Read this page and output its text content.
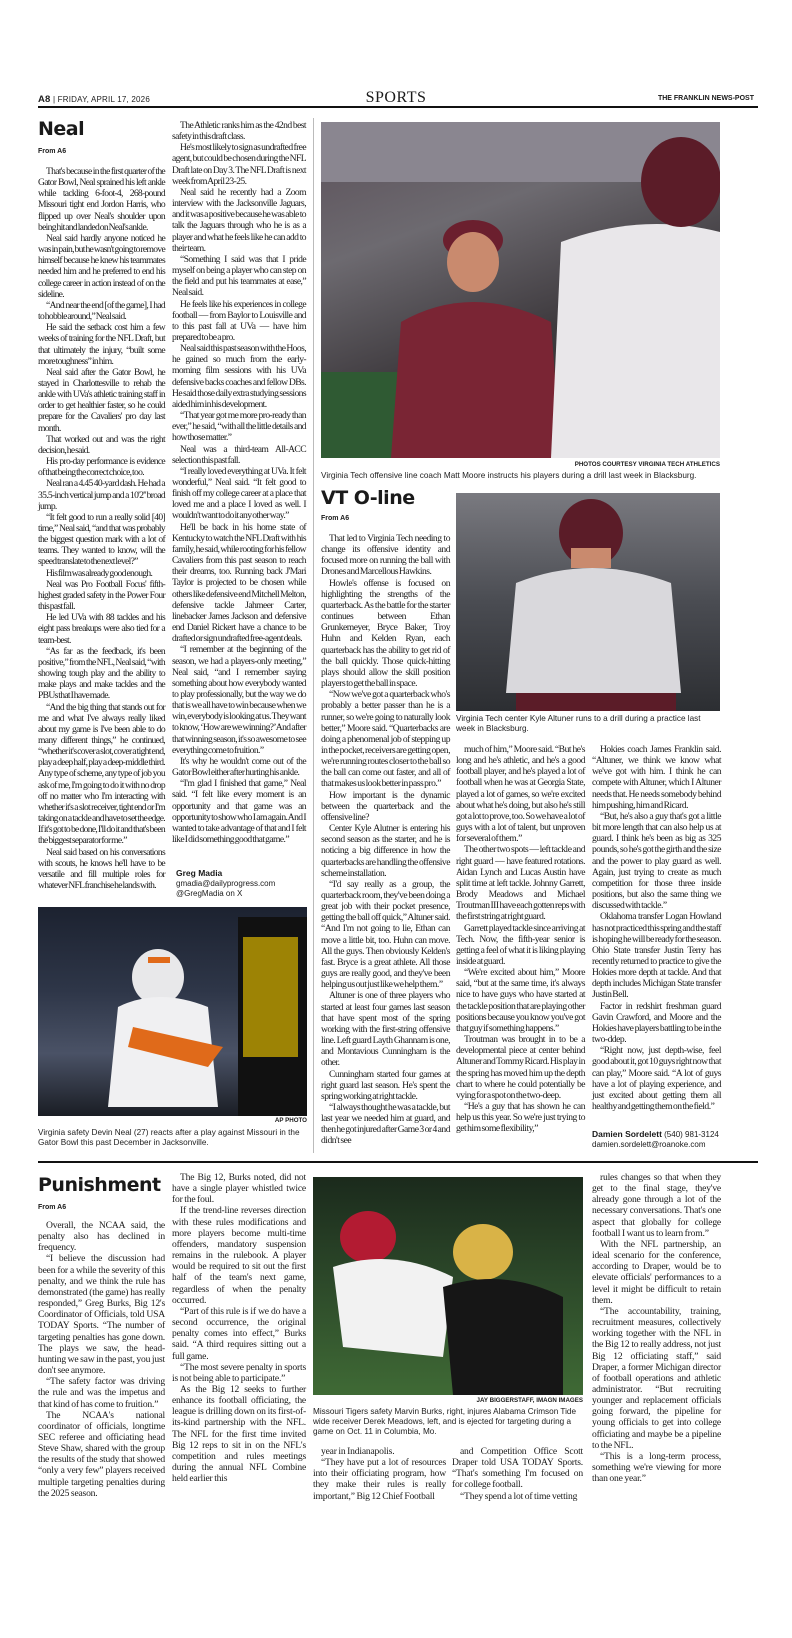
A8 | FRIDAY, APRIL 17, 2026	SPORTS	THE FRANKLIN NEWS-POST
Neal
From A6

That's because in the first quarter of the Gator Bowl, Neal sprained his left ankle while tackling 6-foot-4, 268-pound Missouri tight end Jordon Harris, who flipped up over Neal's shoulder upon being hit and landed on Neal's ankle.

Neal said hardly anyone noticed he was in pain, but he wasn't going to remove himself because he knew his teammates needed him and he preferred to end his college career in action instead of on the sideline.

“And near the end [of the game], I had to hobble around,” Neal said.

He said the setback cost him a few weeks of training for the NFL Draft, but that ultimately the injury, “built some more toughness” in him.

Neal said after the Gator Bowl, he stayed in Charlottesville to rehab the ankle with UVa's athletic training staff in order to get healthier faster, so he could prepare for the Cavaliers' pro day last month.

That worked out and was the right decision, he said.

His pro-day performance is evidence of that being the correct choice, too.

Neal ran a 4.45 40-yard dash. He had a 35.5-inch vertical jump and a 10'2'' broad jump.

“It felt good to run a really solid [40] time,” Neal said, “and that was probably the biggest question mark with a lot of teams. They wanted to know, will the speed translate to the next level?”

His film was already good enough.

Neal was Pro Football Focus' fifth-highest graded safety in the Power Four this past fall.

He led UVa with 88 tackles and his eight pass breakups were also tied for a team-best.

“As far as the feedback, it's been positive,” from the NFL, Neal said, “with showing tough play and the ability to make plays and make tackles and the PBUs that I have made.

“And the big thing that stands out for me and what I've always really liked about my game is I've been able to do many different things,” he continued, “whether it's cover a slot, cover a tight end, play a deep half, play a deep-middle third. Any type of scheme, any type of job you ask of me, I'm going to do it with no drop off no matter who I'm interacting with whether it's a slot receiver, tight end or I'm taking on a tackle and have to set the edge. If it's got to be done, I'll do it and that's been the biggest separator for me.”

Neal said based on his conversations with scouts, he knows he'll have to be versatile and fill multiple roles for whatever NFL franchise he lands with.

The Athletic ranks him as the 42nd best safety in this draft class.

He's most likely to sign as undrafted free agent, but could be chosen during the NFL Draft late on Day 3. The NFL Draft is next week from April 23-25.

Neal said he recently had a Zoom interview with the Jacksonville Jaguars, and it was a positive because he was able to talk the Jaguars through who he is as a player and what he feels like he can add to their team.

“Something I said was that I pride myself on being a player who can step on the field and put his teammates at ease,” Neal said.

He feels like his experiences in college football — from Baylor to Louisville and to this past fall at UVa — have him prepared to be a pro.

Neal said this past season with the Hoos, he gained so much from the early-morning film sessions with his UVa defensive backs coaches and fellow DBs. He said those daily extra studying sessions aided him in his development.

“That year got me more pro-ready than ever,” he said, “with all the little details and how those matter.”

Neal was a third-team All-ACC selection this past fall.

“I really loved everything at UVa. It felt wonderful,” Neal said. “It felt good to finish off my college career at a place that loved me and a place I loved as well. I wouldn't want to do it any other way.”

He'll be back in his home state of Kentucky to watch the NFL Draft with his family, he said, while rooting for his fellow Cavaliers from this past season to reach their dreams, too. Running back J'Mari Taylor is projected to be chosen while others like defensive end Mitchell Melton, defensive tackle Jahmeer Carter, linebacker James Jackson and defensive end Daniel Rickert have a chance to be drafted or sign undrafted free-agent deals.

“I remember at the beginning of the season, we had a players-only meeting,” Neal said, “and I remember saying something about how everybody wanted to play professionally, but the way we do that is we all have to win because when we win, everybody is looking at us. They want to know, ‘How are we winning?’ And after that winning season, it's so awesome to see everything come to fruition.”

It's why he wouldn't come out of the Gator Bowl either after hurting his ankle.

“I'm glad I finished that game,” Neal said. “I felt like every moment is an opportunity and that game was an opportunity to show who I am again. And I wanted to take advantage of that and I felt like I did something good that game.”

Greg Madia
gmadia@dailyprogress.com
@GregMadia on X
AP PHOTO
Virginia safety Devin Neal (27) reacts after a play against Missouri in the Gator Bowl this past December in Jacksonville.
PHOTOS COURTESY VIRGINIA TECH ATHLETICS
Virginia Tech offensive line coach Matt Moore instructs his players during a drill last week in Blacksburg.
VT O-line
From A6
Virginia Tech center Kyle Altuner runs to a drill during a practice last week in Blacksburg.

That led to Virginia Tech needing to change its offensive identity and focused more on running the ball with Drones and Marcellous Hawkins.

Howle's offense is focused on highlighting the strengths of the quarterback. As the battle for the starter continues between Ethan Grunkemeyer, Bryce Baker, Troy Huhn and Kelden Ryan, each quarterback has the ability to get rid of the ball quickly. Those quick-hitting plays should allow the skill position players to get the ball in space.

“Now we've got a quarterback who's probably a better passer than he is a runner, so we're going to naturally look better,” Moore said. “Quarterbacks are doing a phenomenal job of stepping up in the pocket, receivers are getting open, we're running routes closer to the ball so the ball can come out faster, and all of that makes us look better in pass pro.”

How important is the dynamic between the quarterback and the offensive line?

Center Kyle Alutner is entering his second season as the starter, and he is noticing a big difference in how the quarterbacks are handling the offensive scheme installation.

“I'd say really as a group, the quarterback room, they've been doing a great job with their pocket presence, getting the ball off quick,” Altuner said. “And I'm not going to lie, Ethan can move a little bit, too. Huhn can move. All the guys. Then obviously Kelden's fast. Bryce is a great athlete. All those guys are really good, and they've been helping us out just like we help them.”

Altuner is one of three players who started at least four games last season that have spent most of the spring working with the first-string offensive line. Left guard Layth Ghannam is one, and Montavious Cunningham is the other.

Cunningham started four games at right guard last season. He's spent the spring working at right tackle.

“I always thought he was a tackle, but last year we needed him at guard, and then he got injured after Game 3 or 4 and didn't see

much of him,” Moore said. “But he's long and he's athletic, and he's a good football player, and he's played a lot of football when he was at Georgia State, played a lot of games, so we're excited about what he's doing, but also he's still got a lot to prove, too. So we have a lot of guys with a lot of talent, but unproven for several of them.”

The other two spots — left tackle and right guard — have featured rotations. Aidan Lynch and Lucas Austin have split time at left tackle. Johnny Garrett, Brody Meadows and Michael Troutman III have each gotten reps with the first string at right guard.

Garrett played tackle since arriving at Tech. Now, the fifth-year senior is getting a feel of what it is liking playing inside at guard.

“We're excited about him,” Moore said, “but at the same time, it's always nice to have guys who have started at the tackle position that are playing other positions because you know you've got that guy if something happens.”

Troutman was brought in to be a developmental piece at center behind Altuner and Tommy Ricard. His play in the spring has moved him up the depth chart to where he could potentially be vying for a spot on the two-deep.

“He's a guy that has shown he can help us this year. So we're just trying to get him some flexibility,”

Hokies coach James Franklin said. “Altuner, we think we know what we've got with him. I think he can compete with Altuner, which I Altuner needs that. He needs somebody behind him pushing, him and Ricard.

“But, he's also a guy that's got a little bit more length that can also help us at guard. I think he's been as big as 325 pounds, so he's got the girth and the size and the power to play guard as well. Again, just trying to create as much competition for those three inside positions, but also the same thing we discussed with tackle.”

Oklahoma transfer Logan Howland has not practiced this spring and the staff is hoping he will be ready for the season. Ohio State transfer Justin Terry has recently returned to practice to give the Hokies more depth at tackle. And that depth includes Michigan State transfer Justin Bell.

Factor in redshirt freshman guard Gavin Crawford, and Moore and the Hokies have players battling to be in the two-ddep.

“Right now, just depth-wise, feel good about it, got 10 guys right now that can play,” Moore said. “A lot of guys have a lot of playing experience, and just excited about getting them all healthy and getting them on the field.”

Damien Sordelett (540) 981-3124
damien.sordelett@roanoke.com
Punishment
From A6

Overall, the NCAA said, the penalty also has declined in frequency.

“I believe the discussion had been for a while the severity of this penalty, and we think the rule has demonstrated (the game) has really responded,” Greg Burks, Big 12's Coordinator of Officials, told USA TODAY Sports. “The number of targeting penalties has gone down. The plays we saw, the head-hunting we saw in the past, you just don't see anymore.

“The safety factor was driving the rule and was the impetus and that kind of has come to fruition.”

The NCAA's national coordinator of officials, longtime SEC referee and officiating head Steve Shaw, shared with the group the results of the study that showed “only a very few” players received multiple targeting penalties during the 2025 season.

The Big 12, Burks noted, did not have a single player whistled twice for the foul.

If the trend-line reverses direction with these rules modifications and more players become multi-time offenders, mandatory suspension remains in the rulebook. A player would be required to sit out the first half of the team's next game, regardless of when the penalty occurred.

“Part of this rule is if we do have a second occurrence, the original penalty comes into effect,” Burks said. “A third requires sitting out a full game.

“The most severe penalty in sports is not being able to participate.”

As the Big 12 seeks to further enhance its football officiating, the league is drilling down on its first-of-its-kind partnership with the NFL. The NFL for the first time invited Big 12 reps to sit in on the NFL's competition and rules meetings during the annual NFL Combine held earlier this

JAY BIGGERSTAFF, IMAGN IMAGES
Missouri Tigers safety Marvin Burks, right, injures Alabama Crimson Tide wide receiver Derek Meadows, left, and is ejected for targeting during a game on Oct. 11 in Columbia, Mo.

year in Indianapolis.

“They have put a lot of resources into their officiating program, how they make their rules is really important,” Big 12 Chief Football

and Competition Office Scott Draper told USA TODAY Sports. “That's something I'm focused on for college football.

“They spend a lot of time vetting

rules changes so that when they get to the final stage, they've already gone through a lot of the necessary conversations. That's one aspect that globally for college football I want us to learn from.”

With the NFL partnership, an ideal scenario for the conference, according to Draper, would be to elevate officials' performances to a level it might be difficult to retain them.

“The accountability, training, recruitment measures, collectively working together with the NFL in the Big 12 to really address, not just Big 12 officiating staff,” said Draper, a former Michigan director of football operations and athletic administrator. “But recruiting younger and replacement officials going forward, the pipeline for young officials to get into college officiating and maybe be a pipeline to the NFL.

“This is a long-term process, something we're viewing for more than one year.”
